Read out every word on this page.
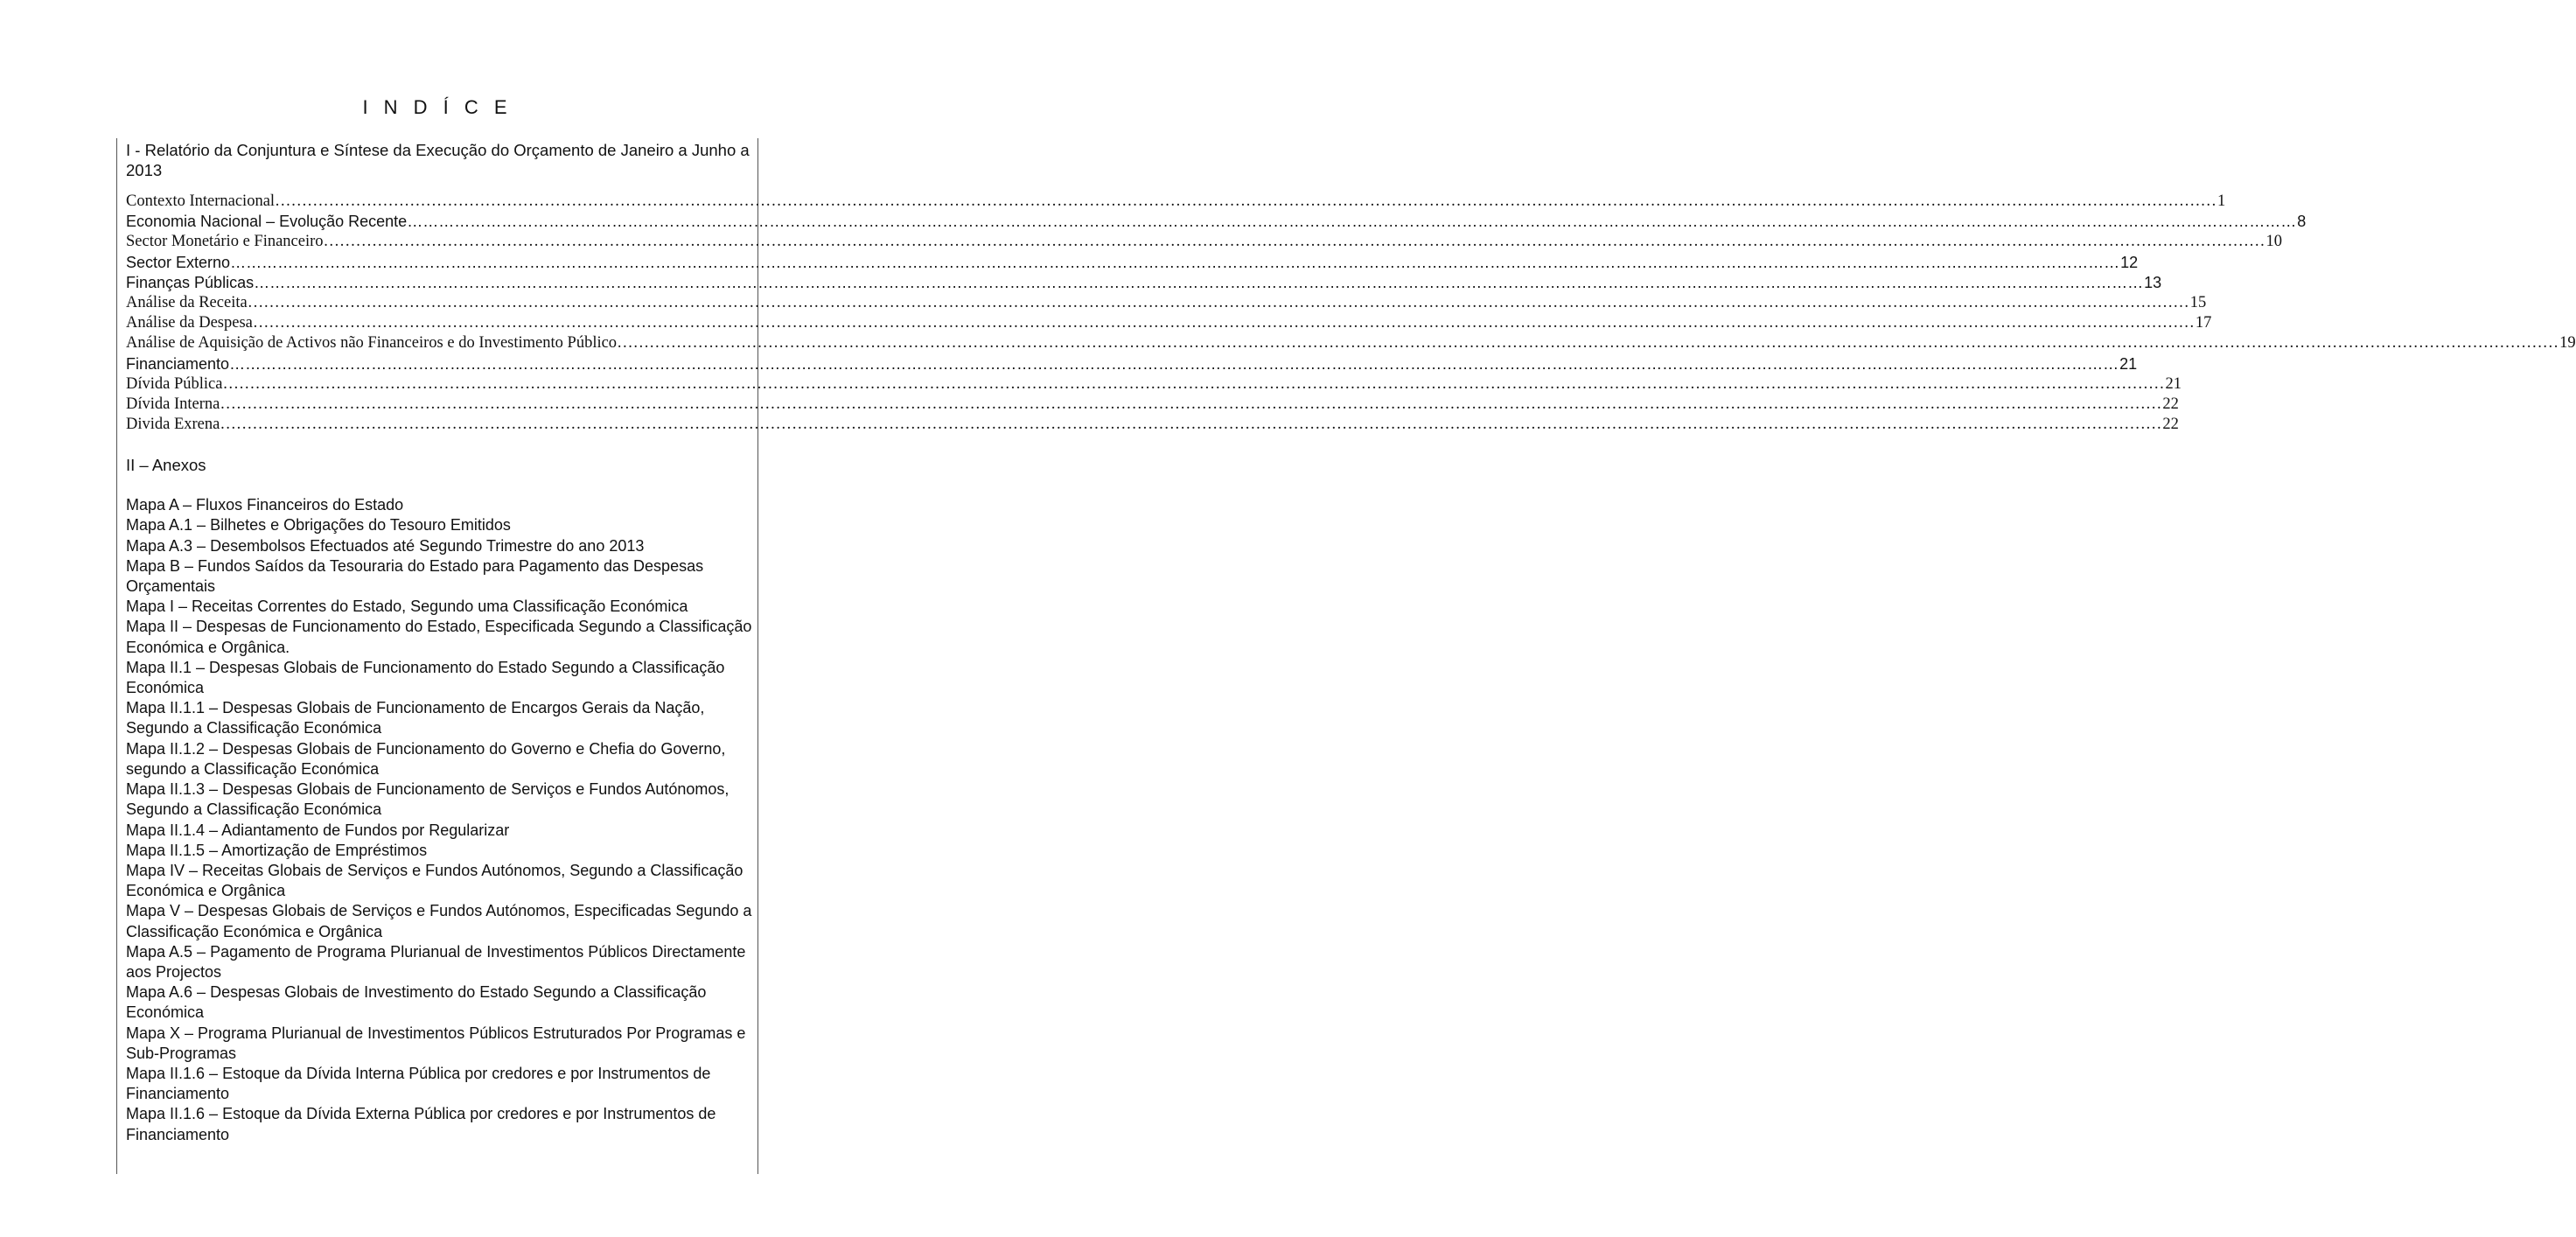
I N D Í C E

I - Relatório da Conjuntura e Síntese da Execução do Orçamento de Janeiro a Junho a 2013

Contexto Internacional ……………………………………………………………………………………………………………………………………………………………………………………………………………………………………………………………………………………………………………………………… 1
Economia Nacional – Evolução Recente ……………………………………………………………………………………………………………………………………………………………………………………………………………………………………………………………………………………………………………………………… 8
Sector Monetário e Financeiro ……………………………………………………………………………………………………………………………………………………………………………………………………………………………………………………………………………………………………………………………… 10
Sector Externo ……………………………………………………………………………………………………………………………………………………………………………………………………………………………………………………………………………………………………………………………… 12
Finanças Públicas ……………………………………………………………………………………………………………………………………………………………………………………………………………………………………………………………………………………………………………………………… 13
Análise da Receita ……………………………………………………………………………………………………………………………………………………………………………………………………………………………………………………………………………………………………………………………… 15
Análise da Despesa ……………………………………………………………………………………………………………………………………………………………………………………………………………………………………………………………………………………………………………………………… 17
Análise de Aquisição de Activos não Financeiros e do Investimento Público ……………………………………………………………………………………………………………………………………………………………………………………………………………………………………………………………………………………………………………………………… 19
Financiamento ……………………………………………………………………………………………………………………………………………………………………………………………………………………………………………………………………………………………………………………………… 21
Dívida Pública ……………………………………………………………………………………………………………………………………………………………………………………………………………………………………………………………………………………………………………………………… 21
Dívida Interna ……………………………………………………………………………………………………………………………………………………………………………………………………………………………………………………………………………………………………………………………… 22
Divida Exrena ……………………………………………………………………………………………………………………………………………………………………………………………………………………………………………………………………………………………………………………………… 22

II – Anexos

Mapa A – Fluxos Financeiros do Estado

Mapa A.1 – Bilhetes e Obrigações do Tesouro Emitidos

Mapa A.3 – Desembolsos Efectuados até Segundo Trimestre do ano 2013

Mapa B – Fundos Saídos da Tesouraria do Estado para Pagamento das Despesas Orçamentais

Mapa I – Receitas Correntes do Estado, Segundo uma Classificação Económica

Mapa II – Despesas de Funcionamento do Estado, Especificada Segundo a Classificação Económica e Orgânica.

Mapa II.1 – Despesas Globais de Funcionamento do Estado Segundo a Classificação Económica

Mapa II.1.1 – Despesas Globais de Funcionamento de Encargos Gerais da Nação, Segundo a Classificação Económica

Mapa II.1.2 – Despesas Globais de Funcionamento do Governo e Chefia do Governo, segundo a Classificação Económica

Mapa II.1.3 – Despesas Globais de Funcionamento de Serviços e Fundos Autónomos, Segundo a Classificação Económica

Mapa II.1.4 – Adiantamento de Fundos por Regularizar

Mapa II.1.5 – Amortização de Empréstimos

Mapa IV – Receitas Globais de Serviços e Fundos Autónomos, Segundo a Classificação Económica e Orgânica

Mapa V – Despesas Globais de Serviços e Fundos Autónomos, Especificadas Segundo a Classificação Económica e Orgânica

Mapa A.5 – Pagamento de Programa Plurianual de Investimentos Públicos Directamente aos Projectos

Mapa A.6 – Despesas Globais de Investimento do Estado Segundo a Classificação Económica

Mapa X – Programa Plurianual de Investimentos Públicos Estruturados Por Programas e Sub-Programas

Mapa II.1.6 – Estoque da Dívida Interna Pública por credores e por Instrumentos de Financiamento

Mapa II.1.6 – Estoque da Dívida Externa Pública por credores e por Instrumentos de Financiamento
